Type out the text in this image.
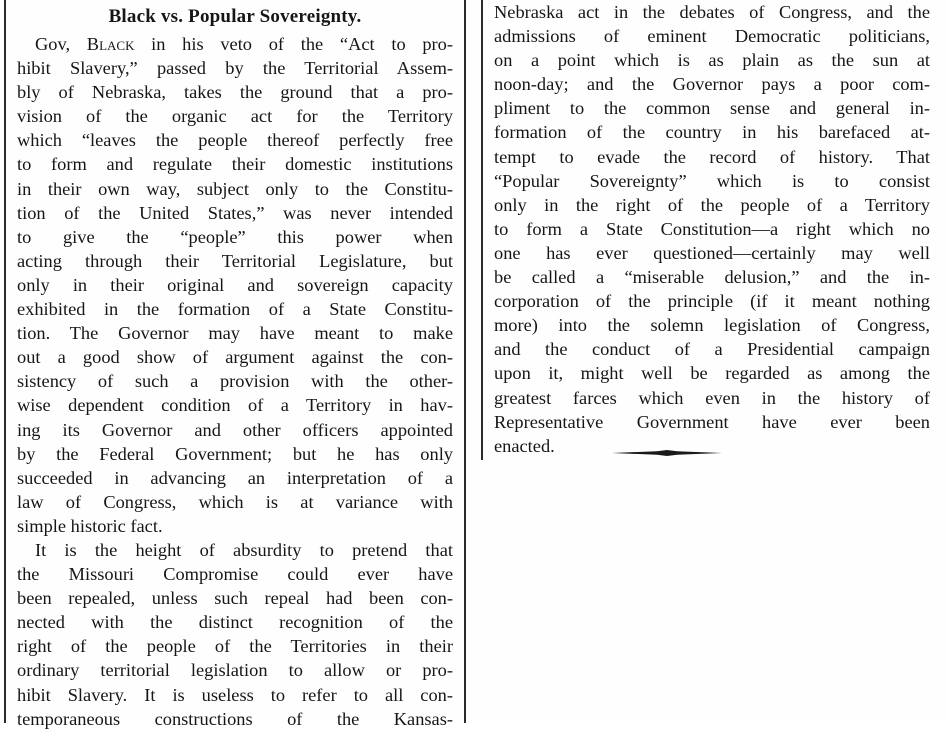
Black vs. Popular Sovereignty.
Gov, Black in his veto of the “Act to pro-
hibit Slavery,” passed by the Territorial Assem-
bly of Nebraska, takes the ground that a pro-
vision of the organic act for the Territory
which “leaves the people thereof perfectly free
to form and regulate their domestic institutions
in their own way, subject only to the Constitu-
tion of the United States,” was never intended
to give the “people” this power when
acting through their Territorial Legislature, but
only in their original and sovereign capacity
exhibited in the formation of a State Constitu-
tion. The Governor may have meant to make
out a good show of argument against the con-
sistency of such a provision with the other-
wise dependent condition of a Territory in hav-
ing its Governor and other officers appointed
by the Federal Government; but he has only
succeeded in advancing an interpretation of a
law of Congress, which is at variance with
simple historic fact.
It is the height of absurdity to pretend that
the Missouri Compromise could ever have
been repealed, unless such repeal had been con-
nected with the distinct recognition of the
right of the people of the Territories in their
ordinary territorial legislation to allow or pro-
hibit Slavery. It is useless to refer to all con-
temporaneous constructions of the Kansas-
Nebraska act in the debates of Congress, and the
admissions of eminent Democratic politicians,
on a point which is as plain as the sun at
noon-day; and the Governor pays a poor com-
pliment to the common sense and general in-
formation of the country in his barefaced at-
tempt to evade the record of history. That
“Popular Sovereignty” which is to consist
only in the right of the people of a Territory
to form a State Constitution—a right which no
one has ever questioned—certainly may well
be called a “miserable delusion,” and the in-
corporation of the principle (if it meant nothing
more) into the solemn legislation of Congress,
and the conduct of a Presidential campaign
upon it, might well be regarded as among the
greatest farces which even in the history of
Representative Government have ever been
enacted.
